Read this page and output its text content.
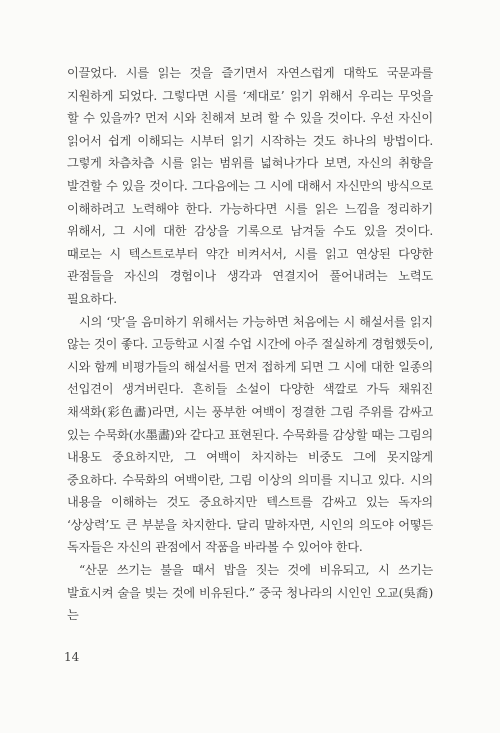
이끌었다. 시를 읽는 것을 즐기면서 자연스럽게 대학도 국문과를 지원하게 되었다. 그렇다면 시를 ‘제대로’ 읽기 위해서 우리는 무엇을 할 수 있을까? 먼저 시와 친해져 보려 할 수 있을 것이다. 우선 자신이 읽어서 쉽게 이해되는 시부터 읽기 시작하는 것도 하나의 방법이다. 그렇게 차츰차츰 시를 읽는 범위를 넓혀나가다 보면, 자신의 취향을 발견할 수 있을 것이다. 그다음에는 그 시에 대해서 자신만의 방식으로 이해하려고 노력해야 한다. 가능하다면 시를 읽은 느낌을 정리하기 위해서, 그 시에 대한 감상을 기록으로 남겨둘 수도 있을 것이다. 때로는 시 텍스트로부터 약간 비켜서서, 시를 읽고 연상된 다양한 관점들을 자신의 경험이나 생각과 연결지어 풀어내려는 노력도 필요하다.

시의 ‘맛’을 음미하기 위해서는 가능하면 처음에는 시 해설서를 읽지 않는 것이 좋다. 고등학교 시절 수업 시간에 아주 절실하게 경험했듯이, 시와 함께 비평가들의 해설서를 먼저 접하게 되면 그 시에 대한 일종의 선입견이 생겨버린다. 흔히들 소설이 다양한 색깔로 가득 채워진 채색화(彩色畵)라면, 시는 풍부한 여백이 정결한 그림 주위를 감싸고 있는 수묵화(水墨畵)와 같다고 표현된다. 수묵화를 감상할 때는 그림의 내용도 중요하지만, 그 여백이 차지하는 비중도 그에 못지않게 중요하다. 수묵화의 여백이란, 그림 이상의 의미를 지니고 있다. 시의 내용을 이해하는 것도 중요하지만 텍스트를 감싸고 있는 독자의 ‘상상력’도 큰 부분을 차지한다. 달리 말하자면, 시인의 의도야 어떻든 독자들은 자신의 관점에서 작품을 바라볼 수 있어야 한다.

“산문 쓰기는 불을 때서 밥을 짓는 것에 비유되고, 시 쓰기는 발효시켜 술을 빚는 것에 비유된다.” 중국 청나라의 시인인 오교(吳喬)는

14
